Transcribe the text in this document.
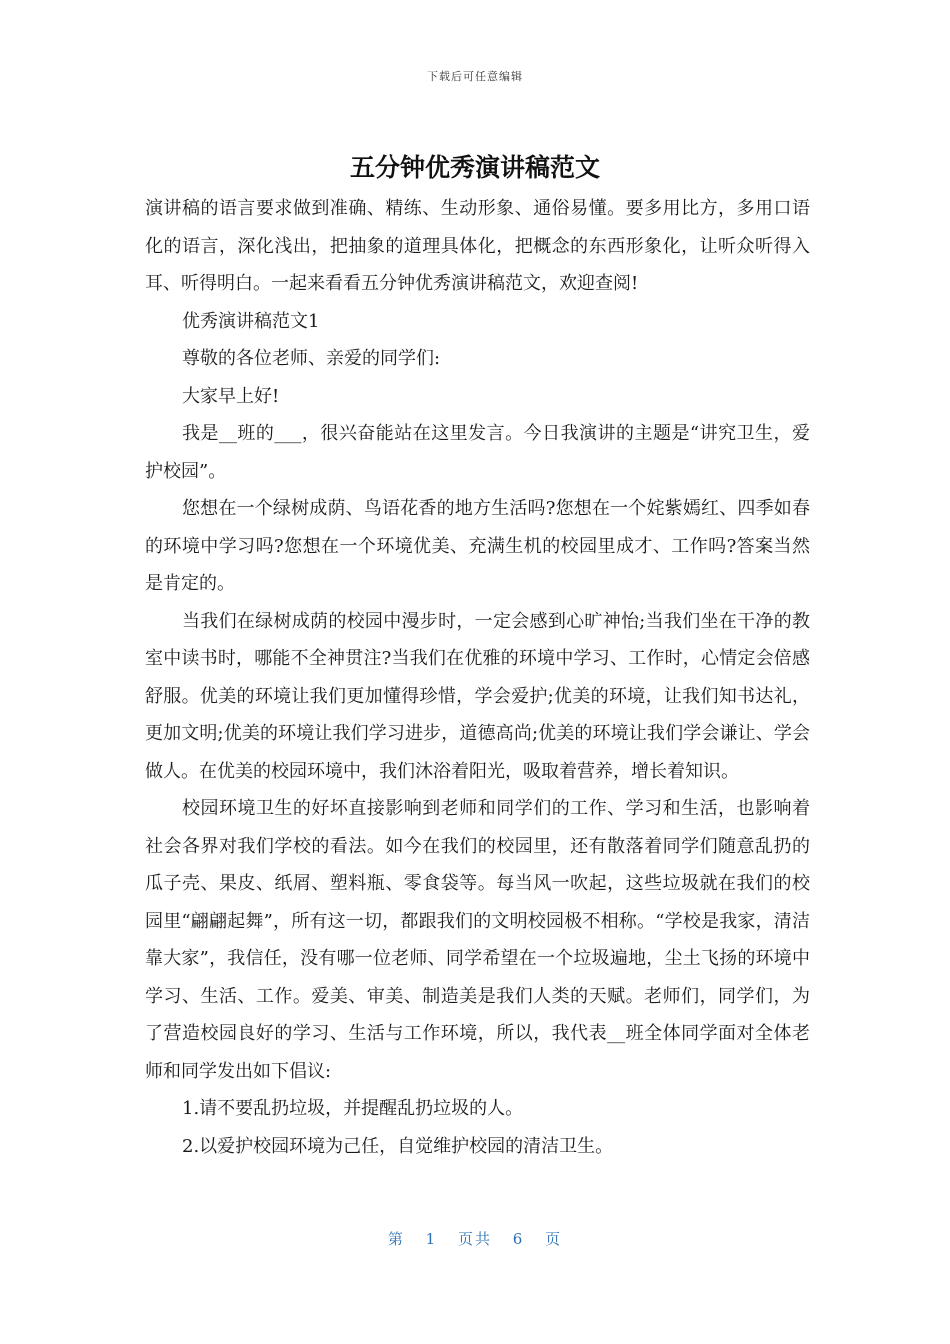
下载后可任意编辑
五分钟优秀演讲稿范文

演讲稿的语言要求做到准确、精练、生动形象、通俗易懂。要多用比方，多用口语化的语言，深化浅出，把抽象的道理具体化，把概念的东西形象化，让听众听得入耳、听得明白。一起来看看五分钟优秀演讲稿范文，欢迎查阅!

优秀演讲稿范文1

尊敬的各位老师、亲爱的同学们:

大家早上好!

我是__班的___，很兴奋能站在这里发言。今日我演讲的主题是“讲究卫生，爱护校园”。

您想在一个绿树成荫、鸟语花香的地方生活吗?您想在一个姹紫嫣红、四季如春的环境中学习吗?您想在一个环境优美、充满生机的校园里成才、工作吗?答案当然是肯定的。

当我们在绿树成荫的校园中漫步时，一定会感到心旷神怡;当我们坐在干净的教室中读书时，哪能不全神贯注?当我们在优雅的环境中学习、工作时，心情定会倍感舒服。优美的环境让我们更加懂得珍惜，学会爱护;优美的环境，让我们知书达礼，更加文明;优美的环境让我们学习进步，道德高尚;优美的环境让我们学会谦让、学会做人。在优美的校园环境中，我们沐浴着阳光，吸取着营养，增长着知识。

校园环境卫生的好坏直接影响到老师和同学们的工作、学习和生活，也影响着社会各界对我们学校的看法。如今在我们的校园里，还有散落着同学们随意乱扔的瓜子壳、果皮、纸屑、塑料瓶、零食袋等。每当风一吹起，这些垃圾就在我们的校园里“翩翩起舞”，所有这一切，都跟我们的文明校园极不相称。“学校是我家，清洁靠大家”，我信任，没有哪一位老师、同学希望在一个垃圾遍地，尘土飞扬的环境中学习、生活、工作。爱美、审美、制造美是我们人类的天赋。老师们，同学们，为了营造校园良好的学习、生活与工作环境，所以，我代表__班全体同学面对全体老师和同学发出如下倡议:

1.请不要乱扔垃圾，并提醒乱扔垃圾的人。

2.以爱护校园环境为己任，自觉维护校园的清洁卫生。

第 1 页共 6 页
